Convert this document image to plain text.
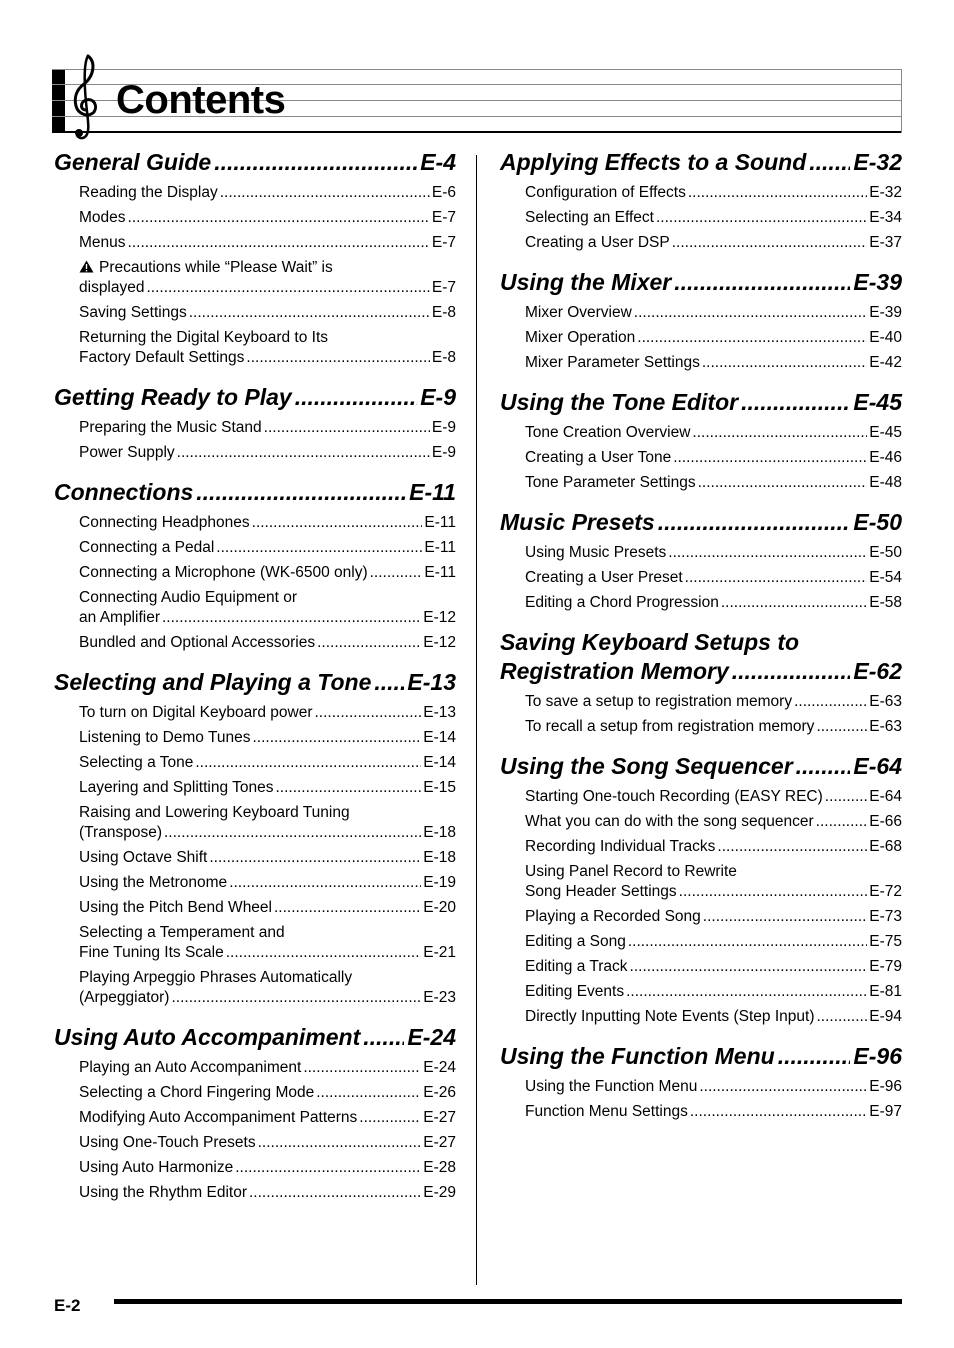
Contents
General Guide .....	E-4
Reading the Display .....	E-6
Modes .....	E-7
Menus .....	E-7
Precautions while “Please Wait” is
displayed .....	E-7
Saving Settings .....	E-8
Returning the Digital Keyboard to Its
Factory Default Settings .....	E-8
Getting Ready to Play .....	E-9
Preparing the Music Stand .....	E-9
Power Supply .....	E-9
Connections .....	E-11
Connecting Headphones .....	E-11
Connecting a Pedal .....	E-11
Connecting a Microphone (WK-6500 only) .....	E-11
Connecting Audio Equipment or
an Amplifier .....	E-12
Bundled and Optional Accessories .....	E-12
Selecting and Playing a Tone ..... E-13
To turn on Digital Keyboard power .....	E-13
Listening to Demo Tunes .....	E-14
Selecting a Tone .....	E-14
Layering and Splitting Tones .....	E-15
Raising and Lowering Keyboard Tuning
(Transpose) .....	E-18
Using Octave Shift .....	E-18
Using the Metronome .....	E-19
Using the Pitch Bend Wheel .....	E-20
Selecting a Temperament and
Fine Tuning Its Scale .....	E-21
Playing Arpeggio Phrases Automatically
(Arpeggiator) .....	E-23
Using Auto Accompaniment ..... E-24
Playing an Auto Accompaniment .....	E-24
Selecting a Chord Fingering Mode .....	E-26
Modifying Auto Accompaniment Patterns .....	E-27
Using One-Touch Presets .....	E-27
Using Auto Harmonize .....	E-28
Using the Rhythm Editor .....	E-29
Applying Effects to a Sound ..... E-32
Configuration of Effects .....	E-32
Selecting an Effect .....	E-34
Creating a User DSP .....	E-37
Using the Mixer .....	E-39
Mixer Overview .....	E-39
Mixer Operation .....	E-40
Mixer Parameter Settings .....	E-42
Using the Tone Editor .....	E-45
Tone Creation Overview .....	E-45
Creating a User Tone .....	E-46
Tone Parameter Settings .....	E-48
Music Presets .....	E-50
Using Music Presets .....	E-50
Creating a User Preset .....	E-54
Editing a Chord Progression .....	E-58
Saving Keyboard Setups to
Registration Memory .....	E-62
To save a setup to registration memory .....	E-63
To recall a setup from registration memory .....	E-63
Using the Song Sequencer .....	E-64
Starting One-touch Recording (EASY REC) .....	E-64
What you can do with the song sequencer .....	E-66
Recording Individual Tracks .....	E-68
Using Panel Record to Rewrite
Song Header Settings .....	E-72
Playing a Recorded Song .....	E-73
Editing a Song .....	E-75
Editing a Track .....	E-79
Editing Events .....	E-81
Directly Inputting Note Events (Step Input) .....	E-94
Using the Function Menu .....	E-96
Using the Function Menu .....	E-96
Function Menu Settings .....	E-97
E-2
